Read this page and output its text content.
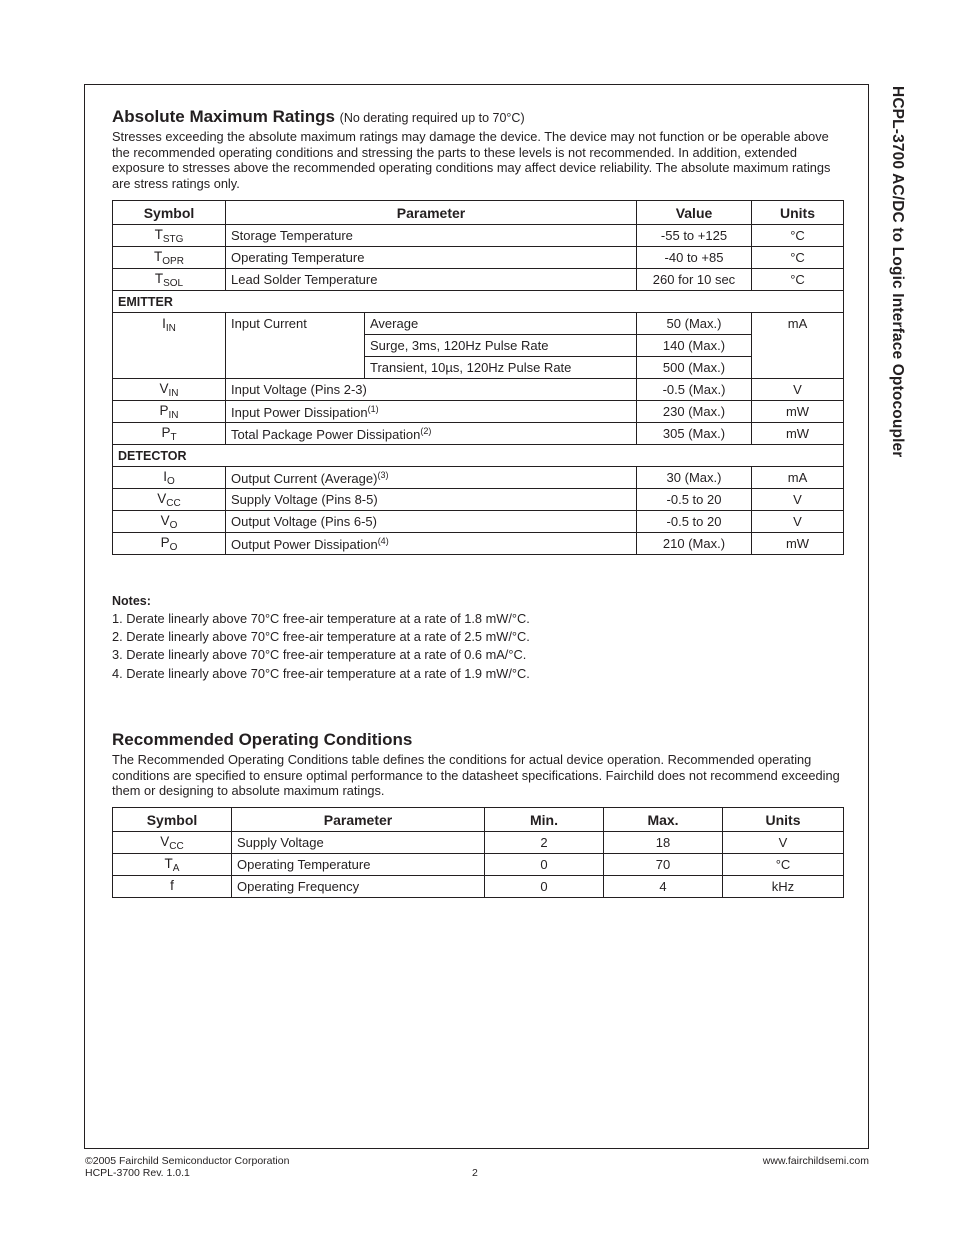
HCPL-3700 AC/DC to Logic Interface Optocoupler
Absolute Maximum Ratings (No derating required up to 70°C)

Stresses exceeding the absolute maximum ratings may damage the device. The device may not function or be operable above the recommended operating conditions and stressing the parts to these levels is not recommended. In addition, extended exposure to stresses above the recommended operating conditions may affect device reliability. The absolute maximum ratings are stress ratings only.

Symbol	Parameter		Value	Units
$T_{STG}$	Storage Temperature		-55 to +125	°C
$T_{OPR}$	Operating Temperature		-40 to +85	°C
$T_{SOL}$	Lead Solder Temperature		260 for 10 sec	°C
EMITTER				
$I_{IN}$	Input Current	Average	50 (Max.)	mA
		Surge, 3ms, 120Hz Pulse Rate	140 (Max.)	
		Transient, 10µs, 120Hz Pulse Rate	500 (Max.)	
$V_{IN}$	Input Voltage (Pins 2-3)		-0.5 (Max.)	V
$P_{IN}$	Input Power Dissipation$^{(1)}$		230 (Max.)	mW
$P_T$	Total Package Power Dissipation$^{(2)}$		305 (Max.)	mW
DETECTOR				
$I_O$	Output Current (Average)$^{(3)}$		30 (Max.)	mA
$V_{CC}$	Supply Voltage (Pins 8-5)		-0.5 to 20	V
$V_O$	Output Voltage (Pins 6-5)		-0.5 to 20	V
$P_O$	Output Power Dissipation$^{(4)}$		210 (Max.)	mW
Notes:
1. Derate linearly above 70°C free-air temperature at a rate of 1.8 mW/°C.
2. Derate linearly above 70°C free-air temperature at a rate of 2.5 mW/°C.
3. Derate linearly above 70°C free-air temperature at a rate of 0.6 mA/°C.
4. Derate linearly above 70°C free-air temperature at a rate of 1.9 mW/°C.
Recommended Operating Conditions

The Recommended Operating Conditions table defines the conditions for actual device operation. Recommended operating conditions are specified to ensure optimal performance to the datasheet specifications. Fairchild does not recommend exceeding them or designing to absolute maximum ratings.

Symbol	Parameter	Min.	Max.	Units
$V_{CC}$	Supply Voltage	2	18	V
$T_A$	Operating Temperature	0	70	°C
f	Operating Frequency	0	4	kHz
©2005 Fairchild Semiconductor Corporation
HCPL-3700 Rev. 1.0.1	2
www.fairchildsemi.com
